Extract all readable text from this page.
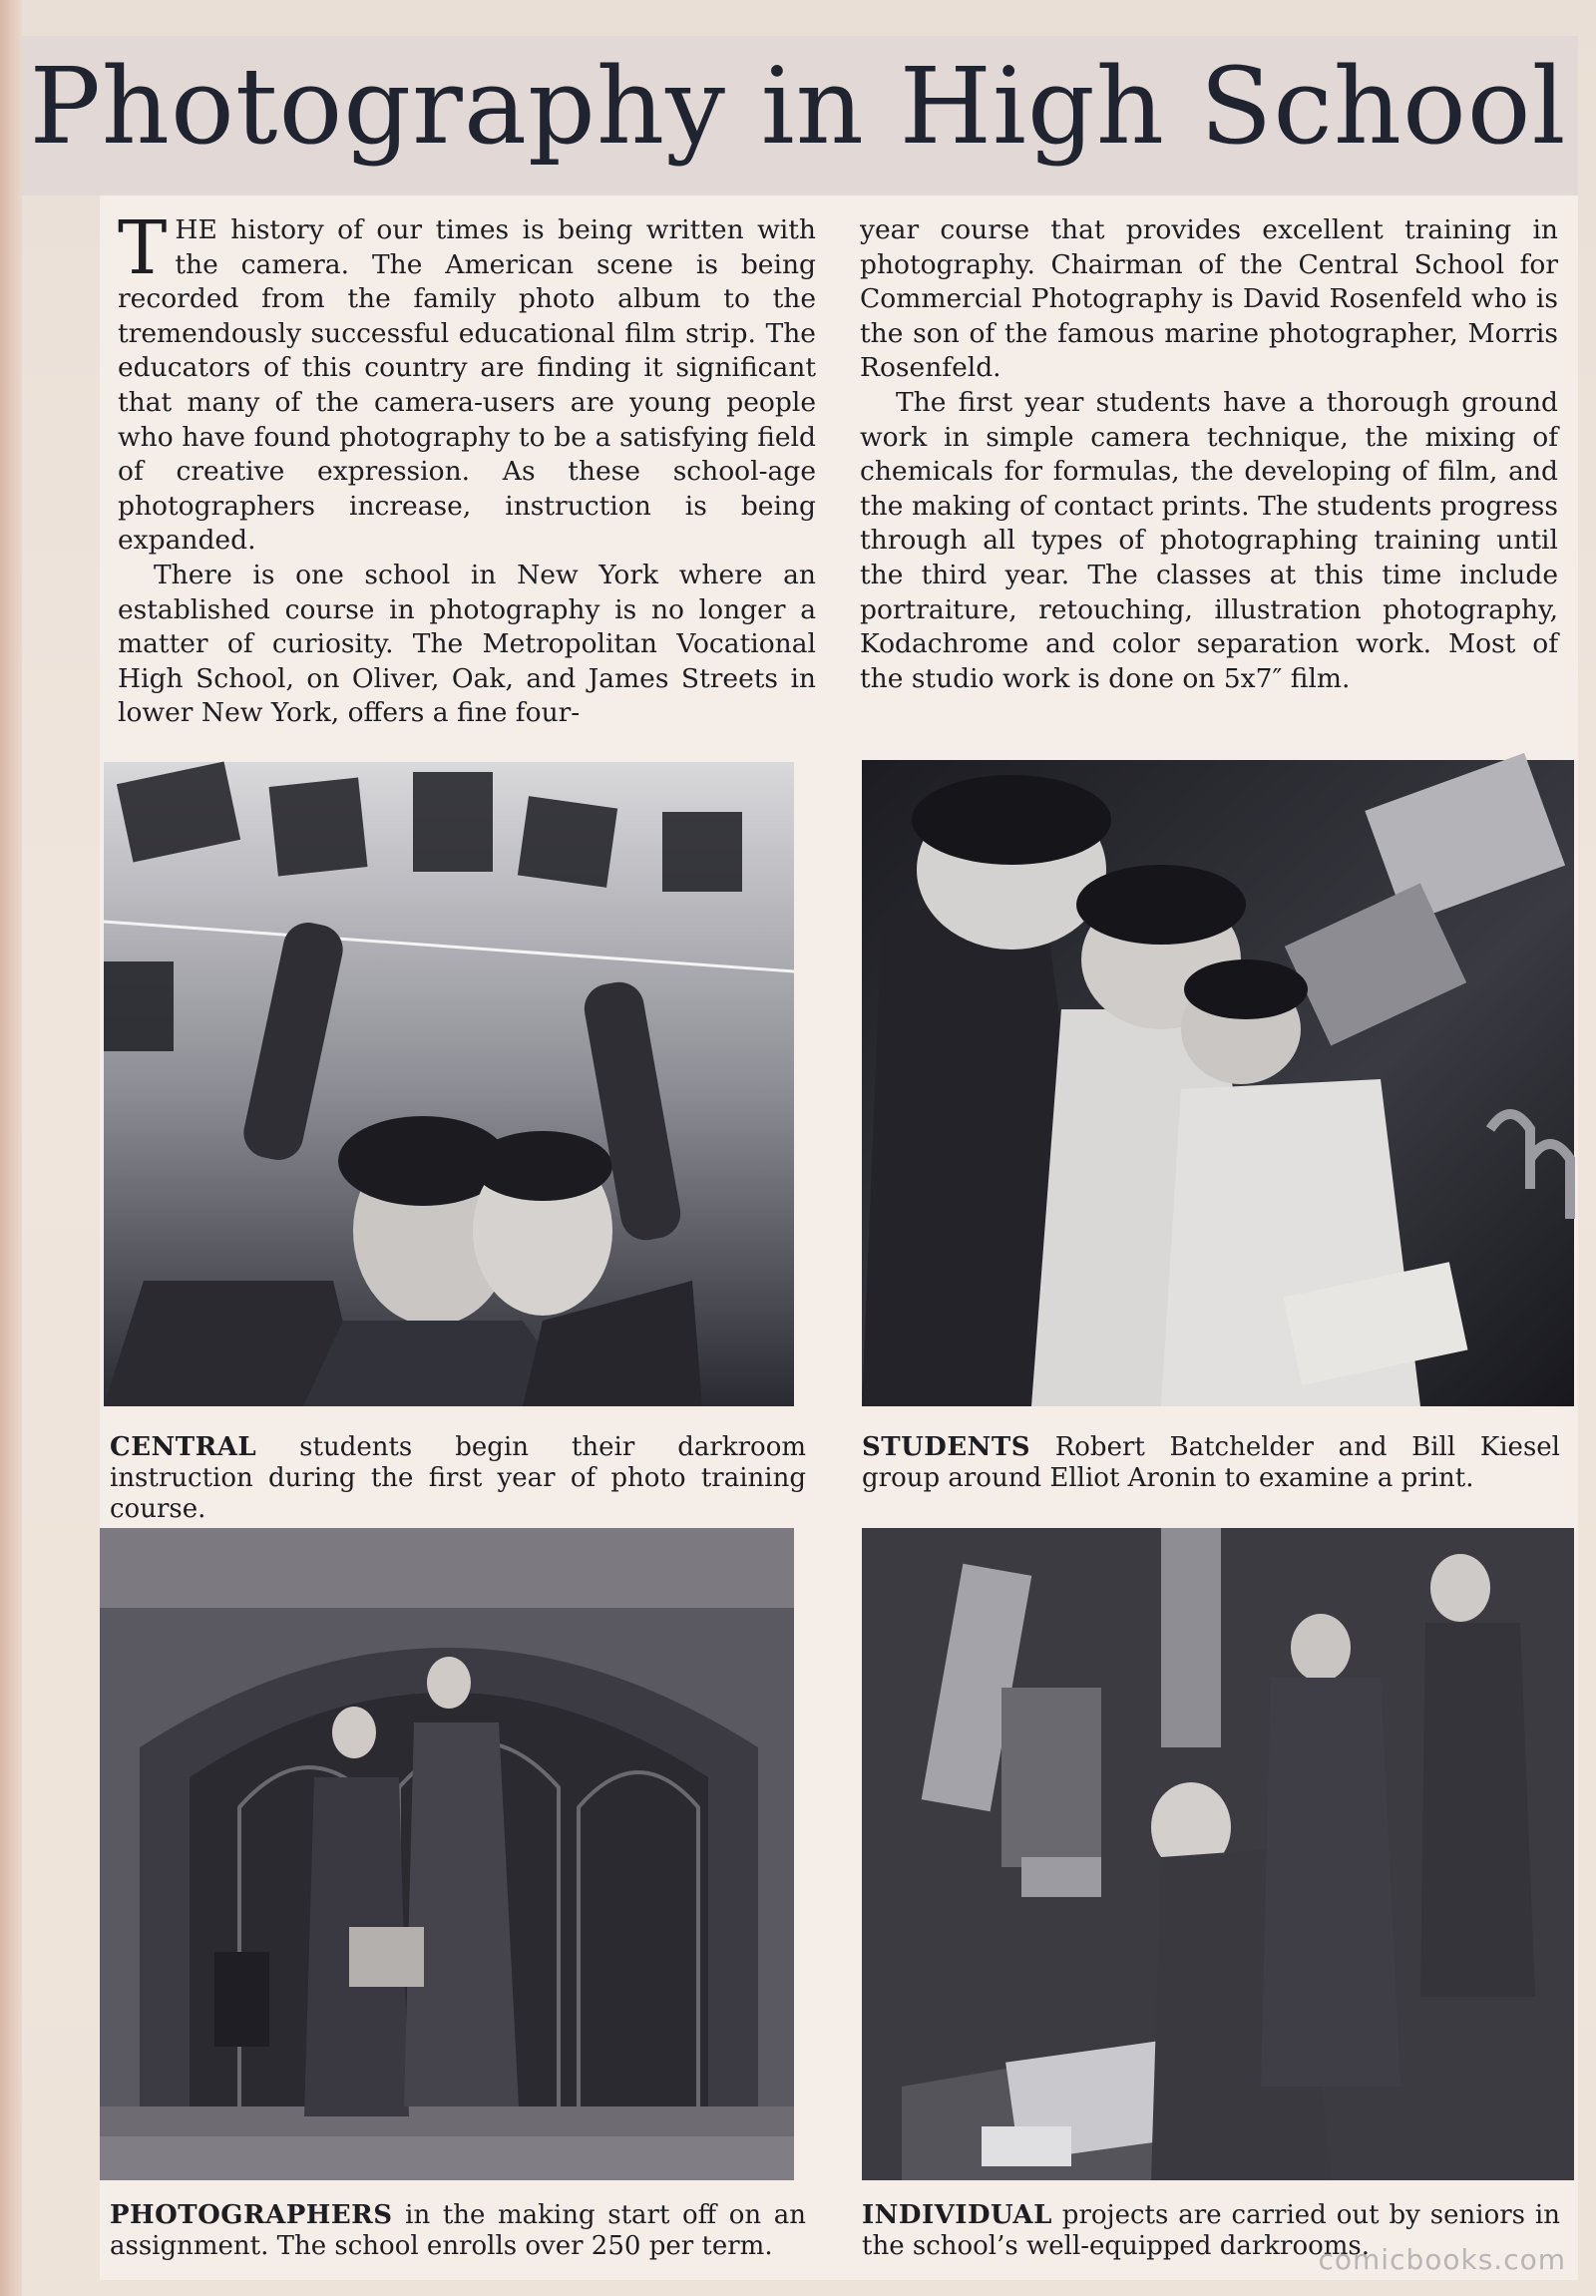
Photography in High School

THE history of our times is being written with the camera. The American scene is being recorded from the family photo album to the tremendously successful educational film strip. The educators of this country are finding it significant that many of the camera-users are young people who have found photography to be a satisfying field of creative expression. As these school-age photographers increase, instruction is being expanded.

There is one school in New York where an established course in photography is no longer a matter of curiosity. The Metropolitan Vocational High School, on Oliver, Oak, and James Streets in lower New York, offers a fine four-

year course that provides excellent training in photography. Chairman of the Central School for Commercial Photography is David Rosenfeld who is the son of the famous marine photographer, Morris Rosenfeld.

The first year students have a thorough ground work in simple camera technique, the mixing of chemicals for formulas, the developing of film, and the making of contact prints. The students progress through all types of photographing training until the third year. The classes at this time include portraiture, retouching, illustration photography, Kodachrome and color separation work. Most of the studio work is done on 5x7″ film.

CENTRAL students begin their darkroom instruction during the first year of photo training course.
STUDENTS Robert Batchelder and Bill Kiesel group around Elliot Aronin to examine a print.
PHOTOGRAPHERS in the making start off on an assignment. The school enrolls over 250 per term.
INDIVIDUAL projects are carried out by seniors in the school’s well-equipped darkrooms.
comicbooks.com
